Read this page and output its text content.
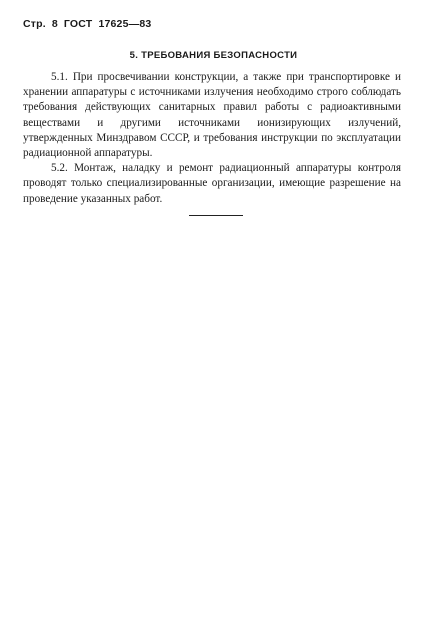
Стр. 8 ГОСТ 17625—83
5. ТРЕБОВАНИЯ БЕЗОПАСНОСТИ

5.1. При просвечивании конструкции, а также при транспортировке и хранении аппаратуры с источниками излучения необходимо строго соблюдать требования действующих санитарных правил работы с радиоактивными веществами и другими источниками ионизирующих излучений, утвержденных Минздравом СССР, и требования инструкции по эксплуатации радиационной аппаратуры.

5.2. Монтаж, наладку и ремонт радиационный аппаратуры контроля проводят только специализированные организации, имеющие разрешение на проведение указанных работ.
